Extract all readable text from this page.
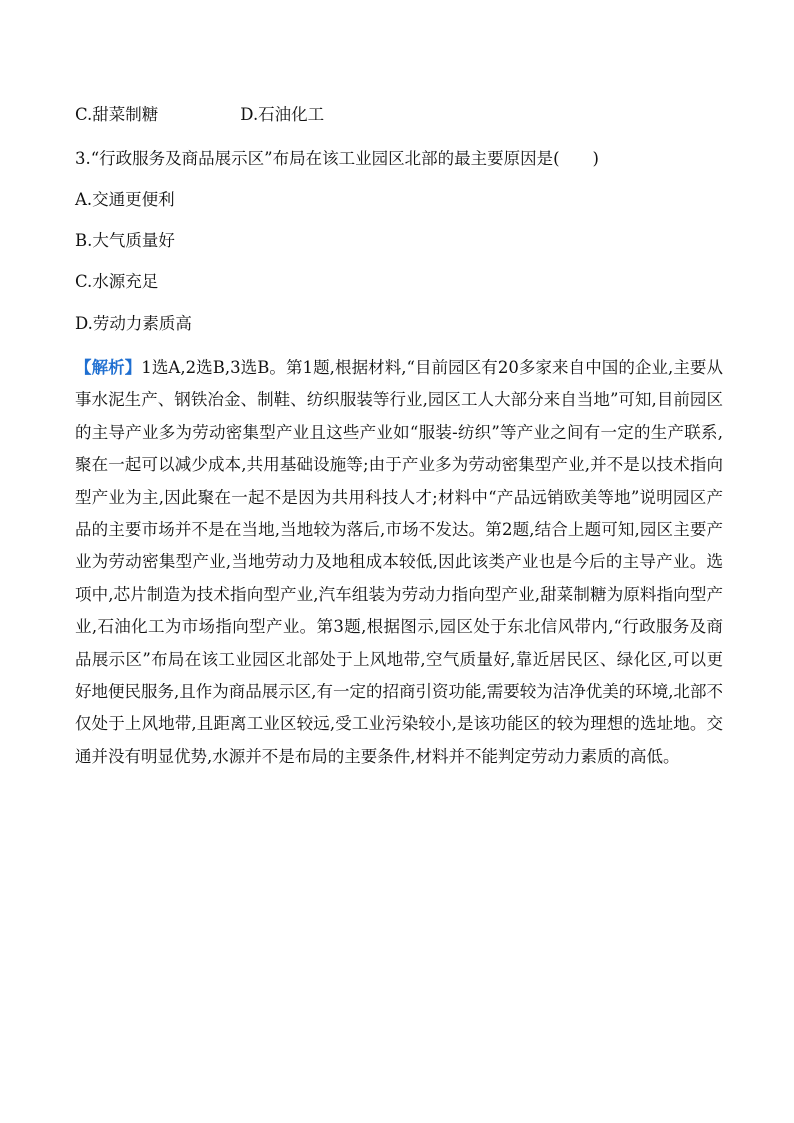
C.甜菜制糖	D.石油化工
3.“行政服务及商品展示区”布局在该工业园区北部的最主要原因是(　　)
A.交通更便利
B.大气质量好
C.水源充足
D.劳动力素质高
【解析】1选A,2选B,3选B。第1题,根据材料,“目前园区有20多家来自中国的企业,主要从事水泥生产、钢铁冶金、制鞋、纺织服装等行业,园区工人大部分来自当地”可知,目前园区的主导产业多为劳动密集型产业且这些产业如“服装-纺织”等产业之间有一定的生产联系,聚在一起可以减少成本,共用基础设施等;由于产业多为劳动密集型产业,并不是以技术指向型产业为主,因此聚在一起不是因为共用科技人才;材料中“产品远销欧美等地”说明园区产品的主要市场并不是在当地,当地较为落后,市场不发达。第2题,结合上题可知,园区主要产业为劳动密集型产业,当地劳动力及地租成本较低,因此该类产业也是今后的主导产业。选项中,芯片制造为技术指向型产业,汽车组装为劳动力指向型产业,甜菜制糖为原料指向型产业,石油化工为市场指向型产业。第3题,根据图示,园区处于东北信风带内,“行政服务及商品展示区”布局在该工业园区北部处于上风地带,空气质量好,靠近居民区、绿化区,可以更好地便民服务,且作为商品展示区,有一定的招商引资功能,需要较为洁净优美的环境,北部不仅处于上风地带,且距离工业区较远,受工业污染较小,是该功能区的较为理想的选址地。交通并没有明显优势,水源并不是布局的主要条件,材料并不能判定劳动力素质的高低。
